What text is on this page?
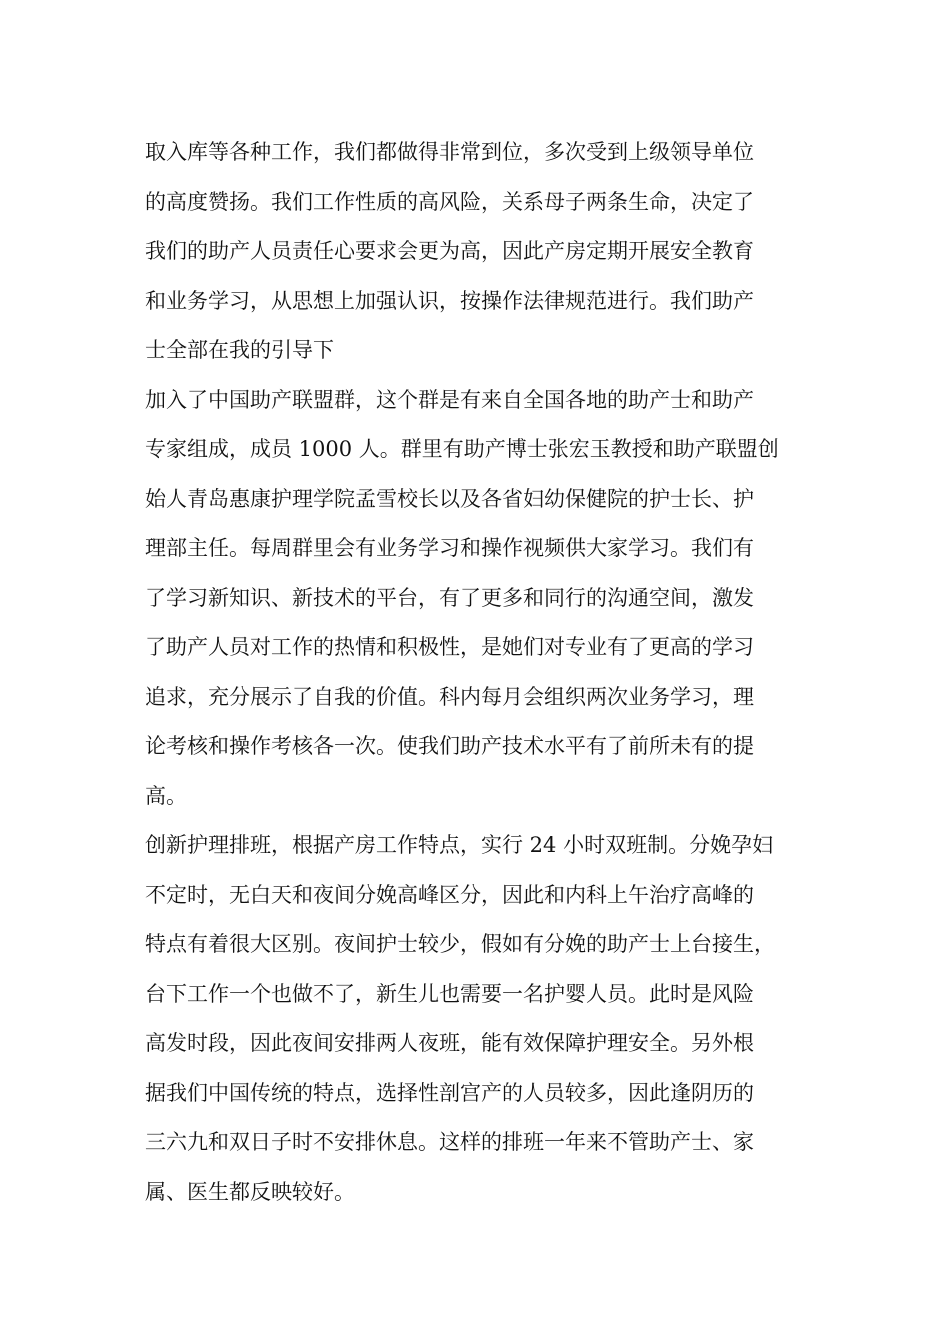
取入库等各种工作，我们都做得非常到位，多次受到上级领导单位
的高度赞扬。我们工作性质的高风险，关系母子两条生命，决定了
我们的助产人员责任心要求会更为高，因此产房定期开展安全教育
和业务学习，从思想上加强认识，按操作法律规范进行。我们助产
士全部在我的引导下
加入了中国助产联盟群，这个群是有来自全国各地的助产士和助产
专家组成，成员 1000 人。群里有助产博士张宏玉教授和助产联盟创
始人青岛惠康护理学院孟雪校长以及各省妇幼保健院的护士长、护
理部主任。每周群里会有业务学习和操作视频供大家学习。我们有
了学习新知识、新技术的平台，有了更多和同行的沟通空间，激发
了助产人员对工作的热情和积极性，是她们对专业有了更高的学习
追求，充分展示了自我的价值。科内每月会组织两次业务学习，理
论考核和操作考核各一次。使我们助产技术水平有了前所未有的提
高。
创新护理排班，根据产房工作特点，实行 24 小时双班制。分娩孕妇
不定时，无白天和夜间分娩高峰区分，因此和内科上午治疗高峰的
特点有着很大区别。夜间护士较少，假如有分娩的助产士上台接生，
台下工作一个也做不了，新生儿也需要一名护婴人员。此时是风险
高发时段，因此夜间安排两人夜班，能有效保障护理安全。另外根
据我们中国传统的特点，选择性剖宫产的人员较多，因此逢阴历的
三六九和双日子时不安排休息。这样的排班一年来不管助产士、家
属、医生都反映较好。
